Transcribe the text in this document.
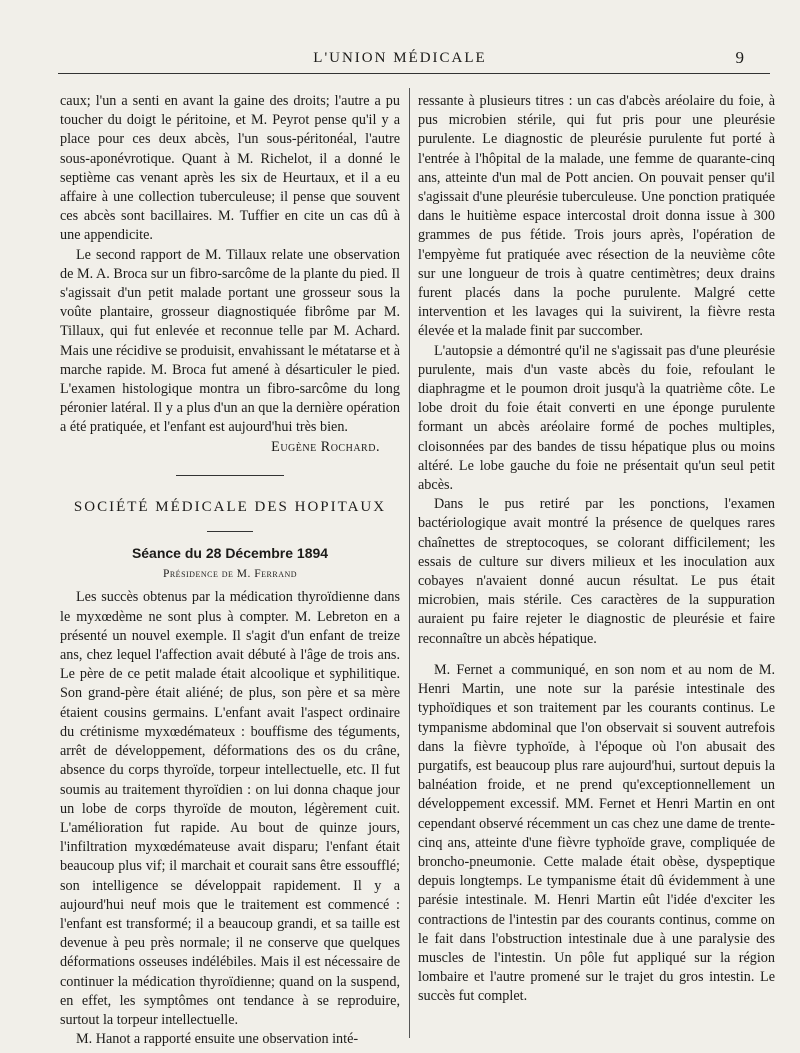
L'UNION MÉDICALE	9

caux; l'un a senti en avant la gaine des droits; l'autre a pu toucher du doigt le péritoine, et M. Peyrot pense qu'il y a place pour ces deux abcès, l'un sous-péritonéal, l'autre sous-aponévrotique. Quant à M. Richelot, il a donné le septième cas venant après les six de Heurtaux, et il a eu affaire à une collection tuberculeuse; il pense que souvent ces abcès sont bacillaires. M. Tuffier en cite un cas dû à une appendicite.

Le second rapport de M. Tillaux relate une observation de M. A. Broca sur un fibro-sarcôme de la plante du pied. Il s'agissait d'un petit malade portant une grosseur sous la voûte plantaire, grosseur diagnostiquée fibrôme par M. Tillaux, qui fut enlevée et reconnue telle par M. Achard. Mais une récidive se produisit, envahissant le métatarse et à marche rapide. M. Broca fut amené à désarticuler le pied. L'examen histologique montra un fibro-sarcôme du long péronier latéral. Il y a plus d'un an que la dernière opération a été pratiquée, et l'enfant est aujourd'hui très bien.

Eugène Rochard.

SOCIÉTÉ MÉDICALE DES HOPITAUX

Séance du 28 Décembre 1894

Présidence de M. Ferrand

Les succès obtenus par la médication thyroïdienne dans le myxœdème ne sont plus à compter. M. Lebreton en a présenté un nouvel exemple. Il s'agit d'un enfant de treize ans, chez lequel l'affection avait débuté à l'âge de trois ans. Le père de ce petit malade était alcoolique et syphilitique. Son grand-père était aliéné; de plus, son père et sa mère étaient cousins germains. L'enfant avait l'aspect ordinaire du crétinisme myxœdémateux : bouffisme des téguments, arrêt de développement, déformations des os du crâne, absence du corps thyroïde, torpeur intellectuelle, etc. Il fut soumis au traitement thyroïdien : on lui donna chaque jour un lobe de corps thyroïde de mouton, légèrement cuit. L'amélioration fut rapide. Au bout de quinze jours, l'infiltration myxœdémateuse avait disparu; l'enfant était beaucoup plus vif; il marchait et courait sans être essoufflé; son intelligence se développait rapidement. Il y a aujourd'hui neuf mois que le traitement est commencé : l'enfant est transformé; il a beaucoup grandi, et sa taille est devenue à peu près normale; il ne conserve que quelques déformations osseuses indélébiles. Mais il est nécessaire de continuer la médication thyroïdienne; quand on la suspend, en effet, les symptômes ont tendance à se reproduire, surtout la torpeur intellectuelle.

M. Hanot a rapporté ensuite une observation inté-

ressante à plusieurs titres : un cas d'abcès aréolaire du foie, à pus microbien stérile, qui fut pris pour une pleurésie purulente. Le diagnostic de pleurésie purulente fut porté à l'entrée à l'hôpital de la malade, une femme de quarante-cinq ans, atteinte d'un mal de Pott ancien. On pouvait penser qu'il s'agissait d'une pleurésie tuberculeuse. Une ponction pratiquée dans le huitième espace intercostal droit donna issue à 300 grammes de pus fétide. Trois jours après, l'opération de l'empyème fut pratiquée avec résection de la neuvième côte sur une longueur de trois à quatre centimètres; deux drains furent placés dans la poche purulente. Malgré cette intervention et les lavages qui la suivirent, la fièvre resta élevée et la malade finit par succomber.

L'autopsie a démontré qu'il ne s'agissait pas d'une pleurésie purulente, mais d'un vaste abcès du foie, refoulant le diaphragme et le poumon droit jusqu'à la quatrième côte. Le lobe droit du foie était converti en une éponge purulente formant un abcès aréolaire formé de poches multiples, cloisonnées par des bandes de tissu hépatique plus ou moins altéré. Le lobe gauche du foie ne présentait qu'un seul petit abcès.

Dans le pus retiré par les ponctions, l'examen bactériologique avait montré la présence de quelques rares chaînettes de streptocoques, se colorant difficilement; les essais de culture sur divers milieux et les inoculation aux cobayes n'avaient donné aucun résultat. Le pus était microbien, mais stérile. Ces caractères de la suppuration auraient pu faire rejeter le diagnostic de pleurésie et faire reconnaître un abcès hépatique.

M. Fernet a communiqué, en son nom et au nom de M. Henri Martin, une note sur la parésie intestinale des typhoïdiques et son traitement par les courants continus. Le tympanisme abdominal que l'on observait si souvent autrefois dans la fièvre typhoïde, à l'époque où l'on abusait des purgatifs, est beaucoup plus rare aujourd'hui, surtout depuis la balnéation froide, et ne prend qu'exceptionnellement un développement excessif. MM. Fernet et Henri Martin en ont cependant observé récemment un cas chez une dame de trente-cinq ans, atteinte d'une fièvre typhoïde grave, compliquée de broncho-pneumonie. Cette malade était obèse, dyspeptique depuis longtemps. Le tympanisme était dû évidemment à une parésie intestinale. M. Henri Martin eût l'idée d'exciter les contractions de l'intestin par des courants continus, comme on le fait dans l'obstruction intestinale due à une paralysie des muscles de l'intestin. Un pôle fut appliqué sur la région lombaire et l'autre promené sur le trajet du gros intestin. Le succès fut complet.
